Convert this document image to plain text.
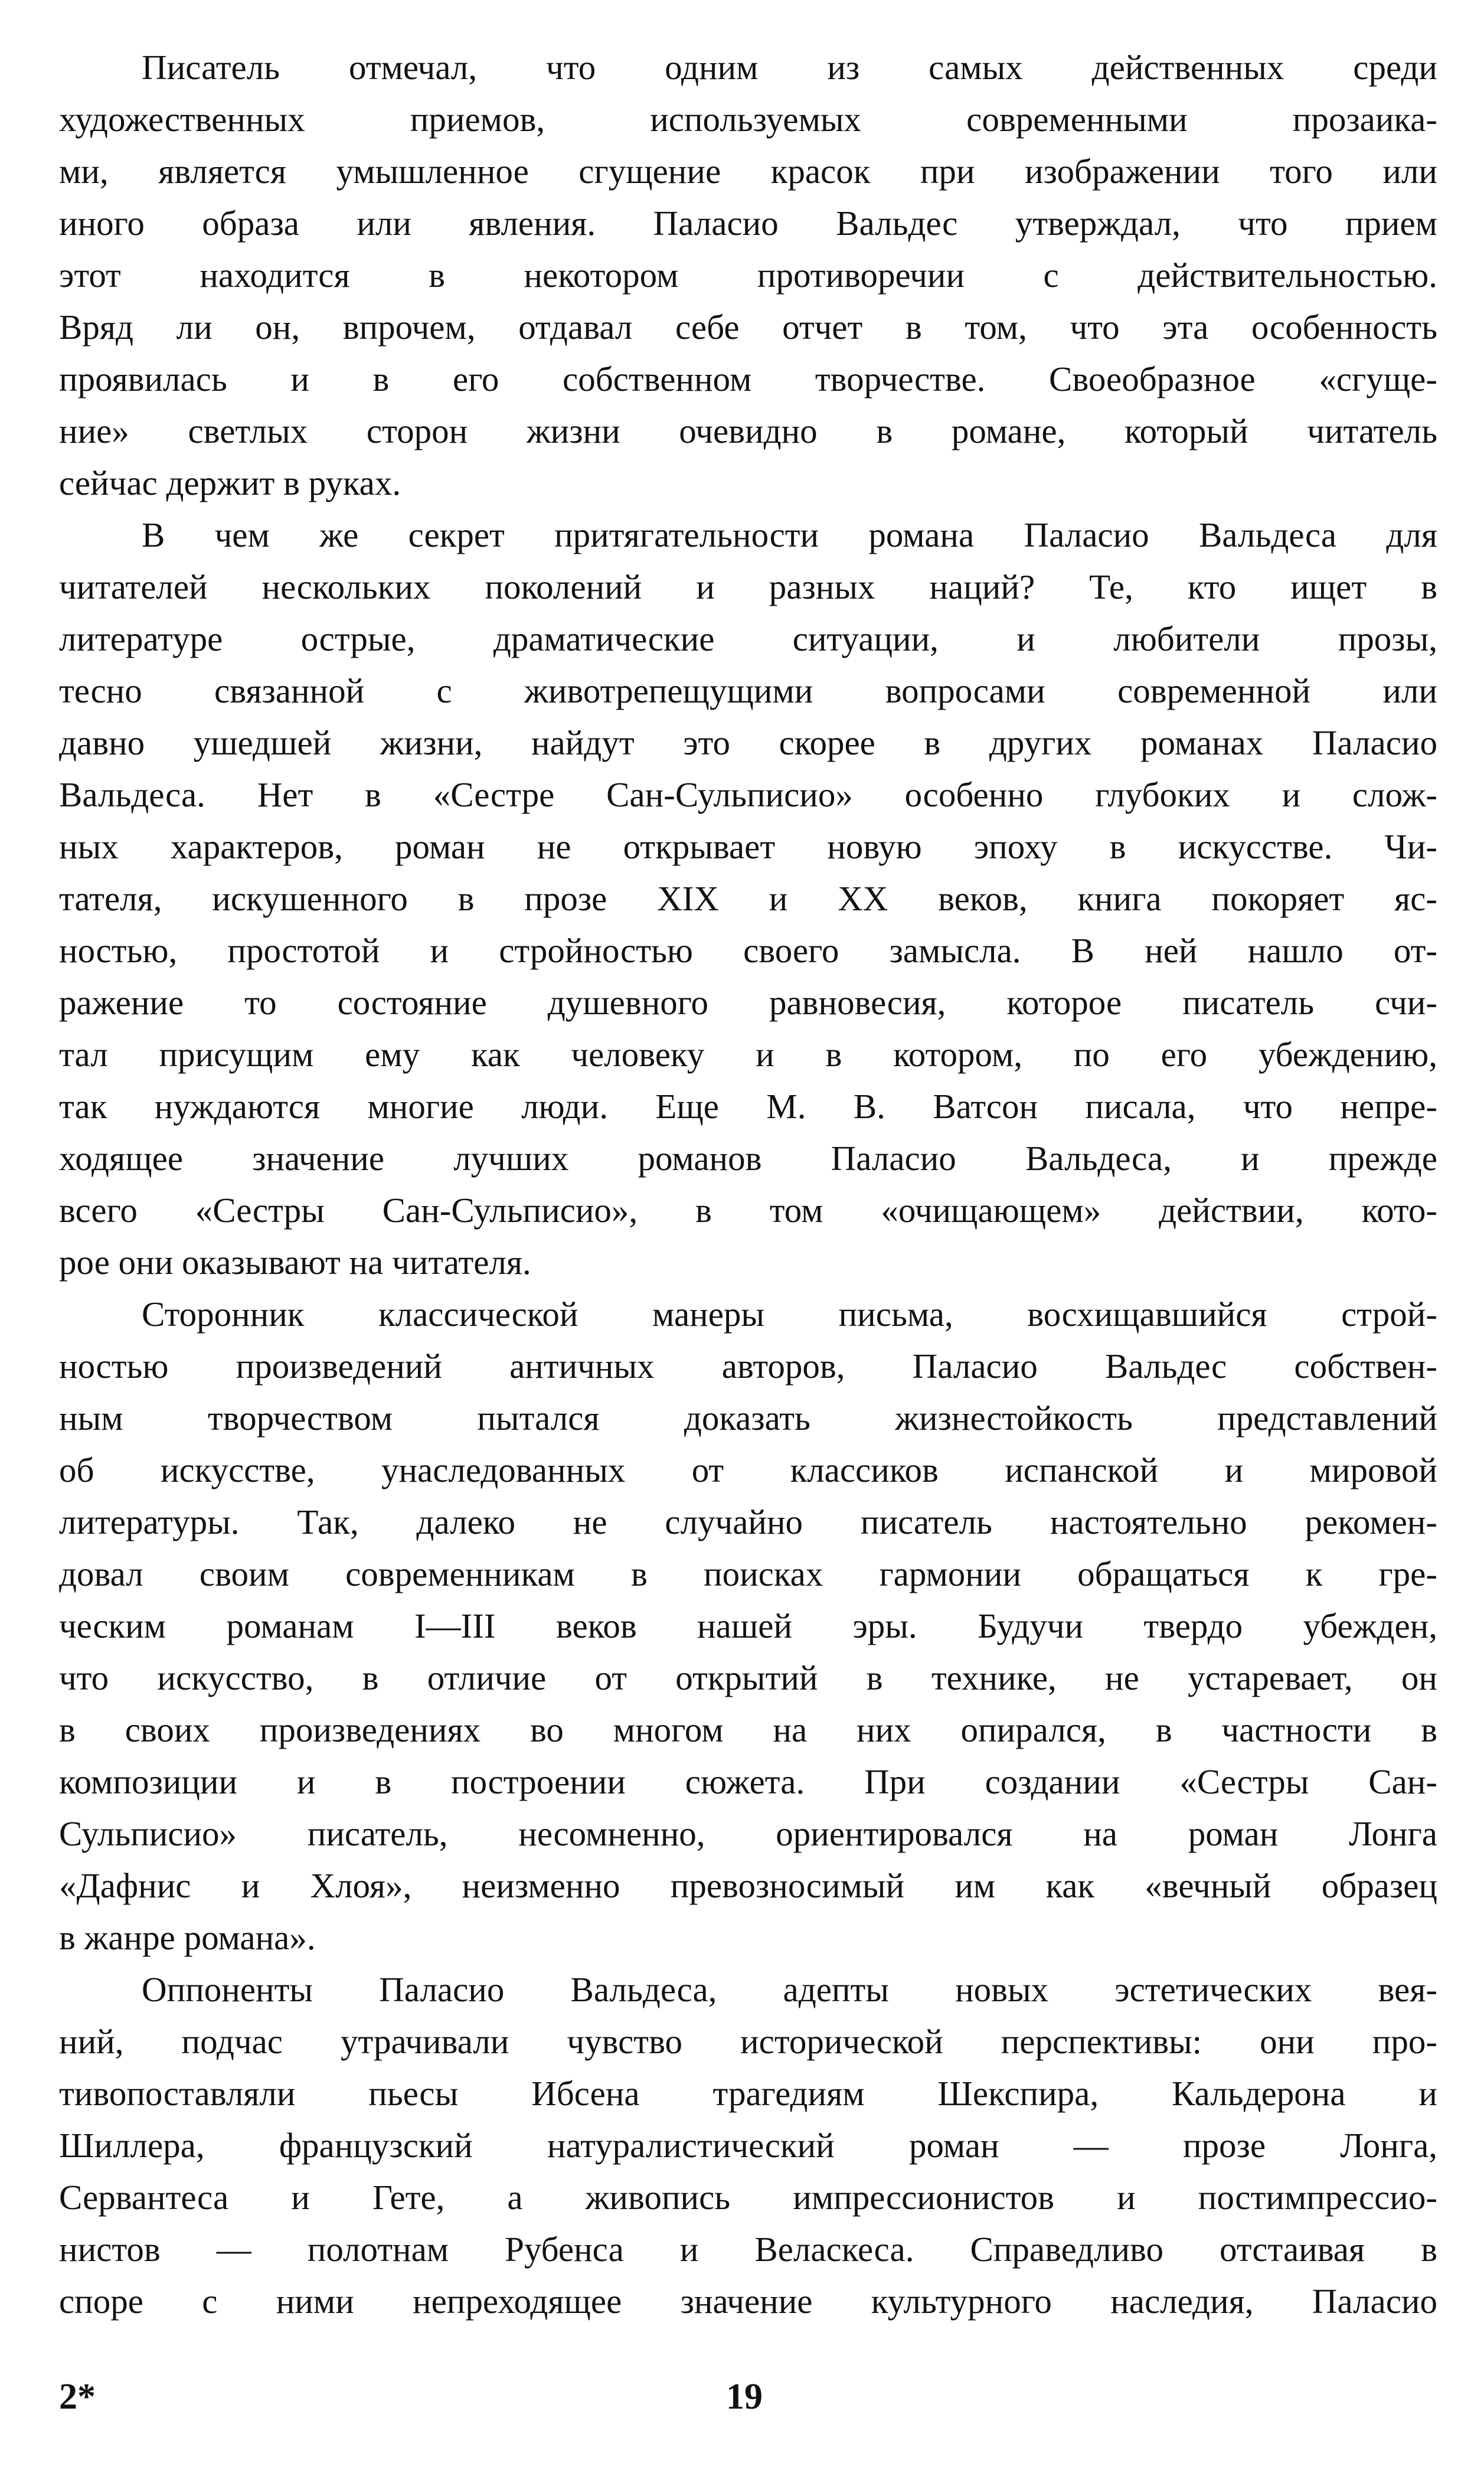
Писатель отмечал, что одним из самых действенных среди
художественных приемов, используемых современными прозаика-
ми, является умышленное сгущение красок при изображении того или
иного образа или явления. Паласио Вальдес утверждал, что прием
этот находится в некотором противоречии с действительностью.
Вряд ли он, впрочем, отдавал себе отчет в том, что эта особенность
проявилась и в его собственном творчестве. Своеобразное «сгуще-
ние» светлых сторон жизни очевидно в романе, который читатель
сейчас держит в руках.
В чем же секрет притягательности романа Паласио Вальдеса для
читателей нескольких поколений и разных наций? Те, кто ищет в
литературе острые, драматические ситуации, и любители прозы,
тесно связанной с животрепещущими вопросами современной или
давно ушедшей жизни, найдут это скорее в других романах Паласио
Вальдеса. Нет в «Сестре Сан-Сульписио» особенно глубоких и слож-
ных характеров, роман не открывает новую эпоху в искусстве. Чи-
тателя, искушенного в прозе XIX и XX веков, книга покоряет яс-
ностью, простотой и стройностью своего замысла. В ней нашло от-
ражение то состояние душевного равновесия, которое писатель счи-
тал присущим ему как человеку и в котором, по его убеждению,
так нуждаются многие люди. Еще М. В. Ватсон писала, что непре-
ходящее значение лучших романов Паласио Вальдеса, и прежде
всего «Сестры Сан-Сульписио», в том «очищающем» действии, кото-
рое они оказывают на читателя.
Сторонник классической манеры письма, восхищавшийся строй-
ностью произведений античных авторов, Паласио Вальдес собствен-
ным творчеством пытался доказать жизнестойкость представлений
об искусстве, унаследованных от классиков испанской и мировой
литературы. Так, далеко не случайно писатель настоятельно рекомен-
довал своим современникам в поисках гармонии обращаться к гре-
ческим романам I—III веков нашей эры. Будучи твердо убежден,
что искусство, в отличие от открытий в технике, не устаревает, он
в своих произведениях во многом на них опирался, в частности в
композиции и в построении сюжета. При создании «Сестры Сан-
Сульписио» писатель, несомненно, ориентировался на роман Лонга
«Дафнис и Хлоя», неизменно превозносимый им как «вечный образец
в жанре романа».
Оппоненты Паласио Вальдеса, адепты новых эстетических вея-
ний, подчас утрачивали чувство исторической перспективы: они про-
тивопоставляли пьесы Ибсена трагедиям Шекспира, Кальдерона и
Шиллера, французский натуралистический роман — прозе Лонга,
Сервантеса и Гете, а живопись импрессионистов и постимпрессио-
нистов — полотнам Рубенса и Веласкеса. Справедливо отстаивая в
споре с ними непреходящее значение культурного наследия, Паласио
2*	19
